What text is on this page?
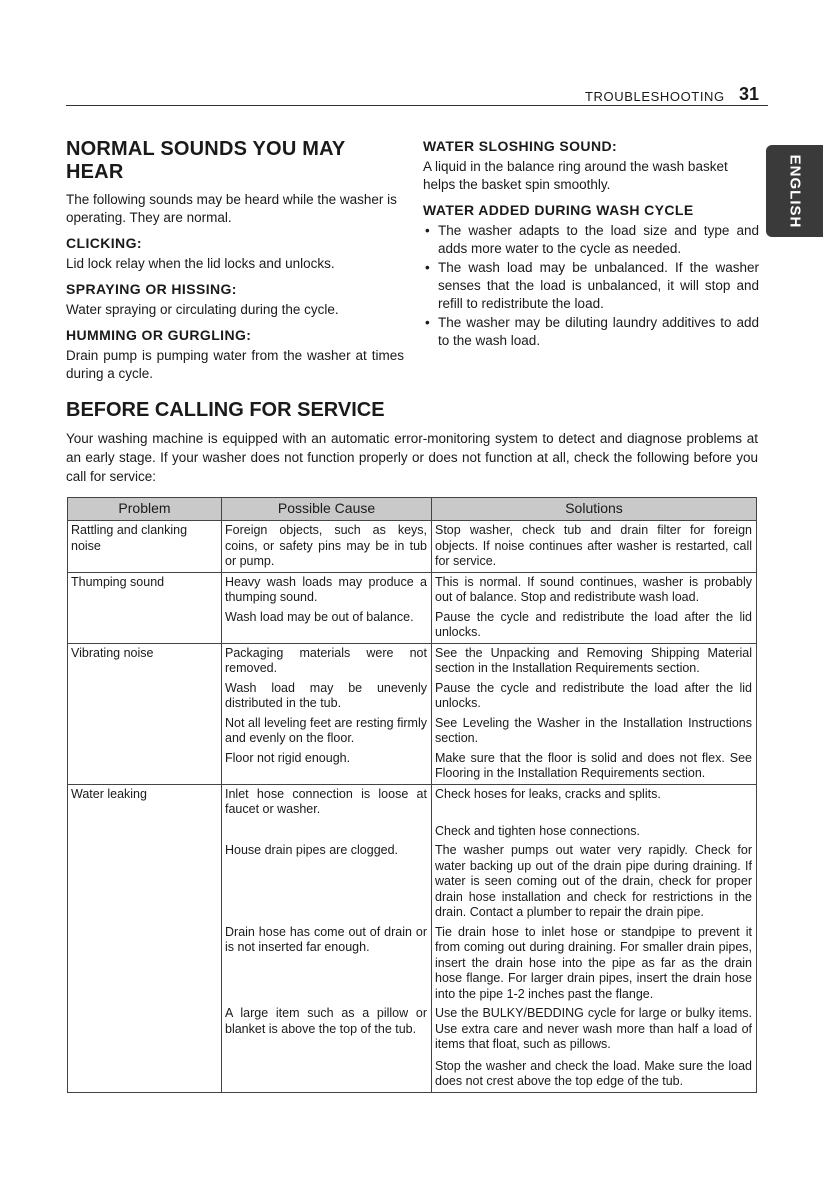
TROUBLESHOOTING 31
ENGLISH
NORMAL SOUNDS YOU MAY HEAR

The following sounds may be heard while the washer is operating. They are normal.

CLICKING:

Lid lock relay when the lid locks and unlocks.

SPRAYING OR HISSING:

Water spraying or circulating during the cycle.

HUMMING OR GURGLING:

Drain pump is pumping water from the washer at times during a cycle.

WATER SLOSHING SOUND:

A liquid in the balance ring around the wash basket helps the basket spin smoothly.

WATER ADDED DURING WASH CYCLE
• The washer adapts to the load size and type and adds more water to the cycle as needed.
• The wash load may be unbalanced. If the washer senses that the load is unbalanced, it will stop and refill to redistribute the load.
• The washer may be diluting laundry additives to add to the wash load.
BEFORE CALLING FOR SERVICE
Your washing machine is equipped with an automatic error-monitoring system to detect and diagnose problems at an early stage. If your washer does not function properly or does not function at all, check the following before you call for service:
Problem	Possible Cause	Solutions
Rattling and clanking noise	Foreign objects, such as keys, coins, or safety pins may be in tub or pump.	Stop washer, check tub and drain filter for foreign objects. If noise continues after washer is restarted, call for service.
Thumping sound	Heavy wash loads may produce a thumping sound.	This is normal. If sound continues, washer is probably out of balance. Stop and redistribute wash load.
	Wash load may be out of balance.	Pause the cycle and redistribute the load after the lid unlocks.
Vibrating noise	Packaging materials were not removed.	See the Unpacking and Removing Shipping Material section in the Installation Requirements section.
	Wash load may be unevenly distributed in the tub.	Pause the cycle and redistribute the load after the lid unlocks.
	Not all leveling feet are resting firmly and evenly on the floor.	See Leveling the Washer in the Installation Instructions section.
	Floor not rigid enough.	Make sure that the floor is solid and does not flex. See Flooring in the Installation Requirements section.
Water leaking	Inlet hose connection is loose at faucet or washer.	Check hoses for leaks, cracks and splits.
		Check and tighten hose connections.
	House drain pipes are clogged.	The washer pumps out water very rapidly. Check for water backing up out of the drain pipe during draining. If water is seen coming out of the drain, check for proper drain hose installation and check for restrictions in the drain. Contact a plumber to repair the drain pipe.
	Drain hose has come out of drain or is not inserted far enough.	Tie drain hose to inlet hose or standpipe to prevent it from coming out during draining. For smaller drain pipes, insert the drain hose into the pipe as far as the drain hose flange. For larger drain pipes, insert the drain hose into the pipe 1-2 inches past the flange.
	A large item such as a pillow or blanket is above the top of the tub.	Use the BULKY/BEDDING cycle for large or bulky items. Use extra care and never wash more than half a load of items that float, such as pillows.
		Stop the washer and check the load. Make sure the load does not crest above the top edge of the tub.
